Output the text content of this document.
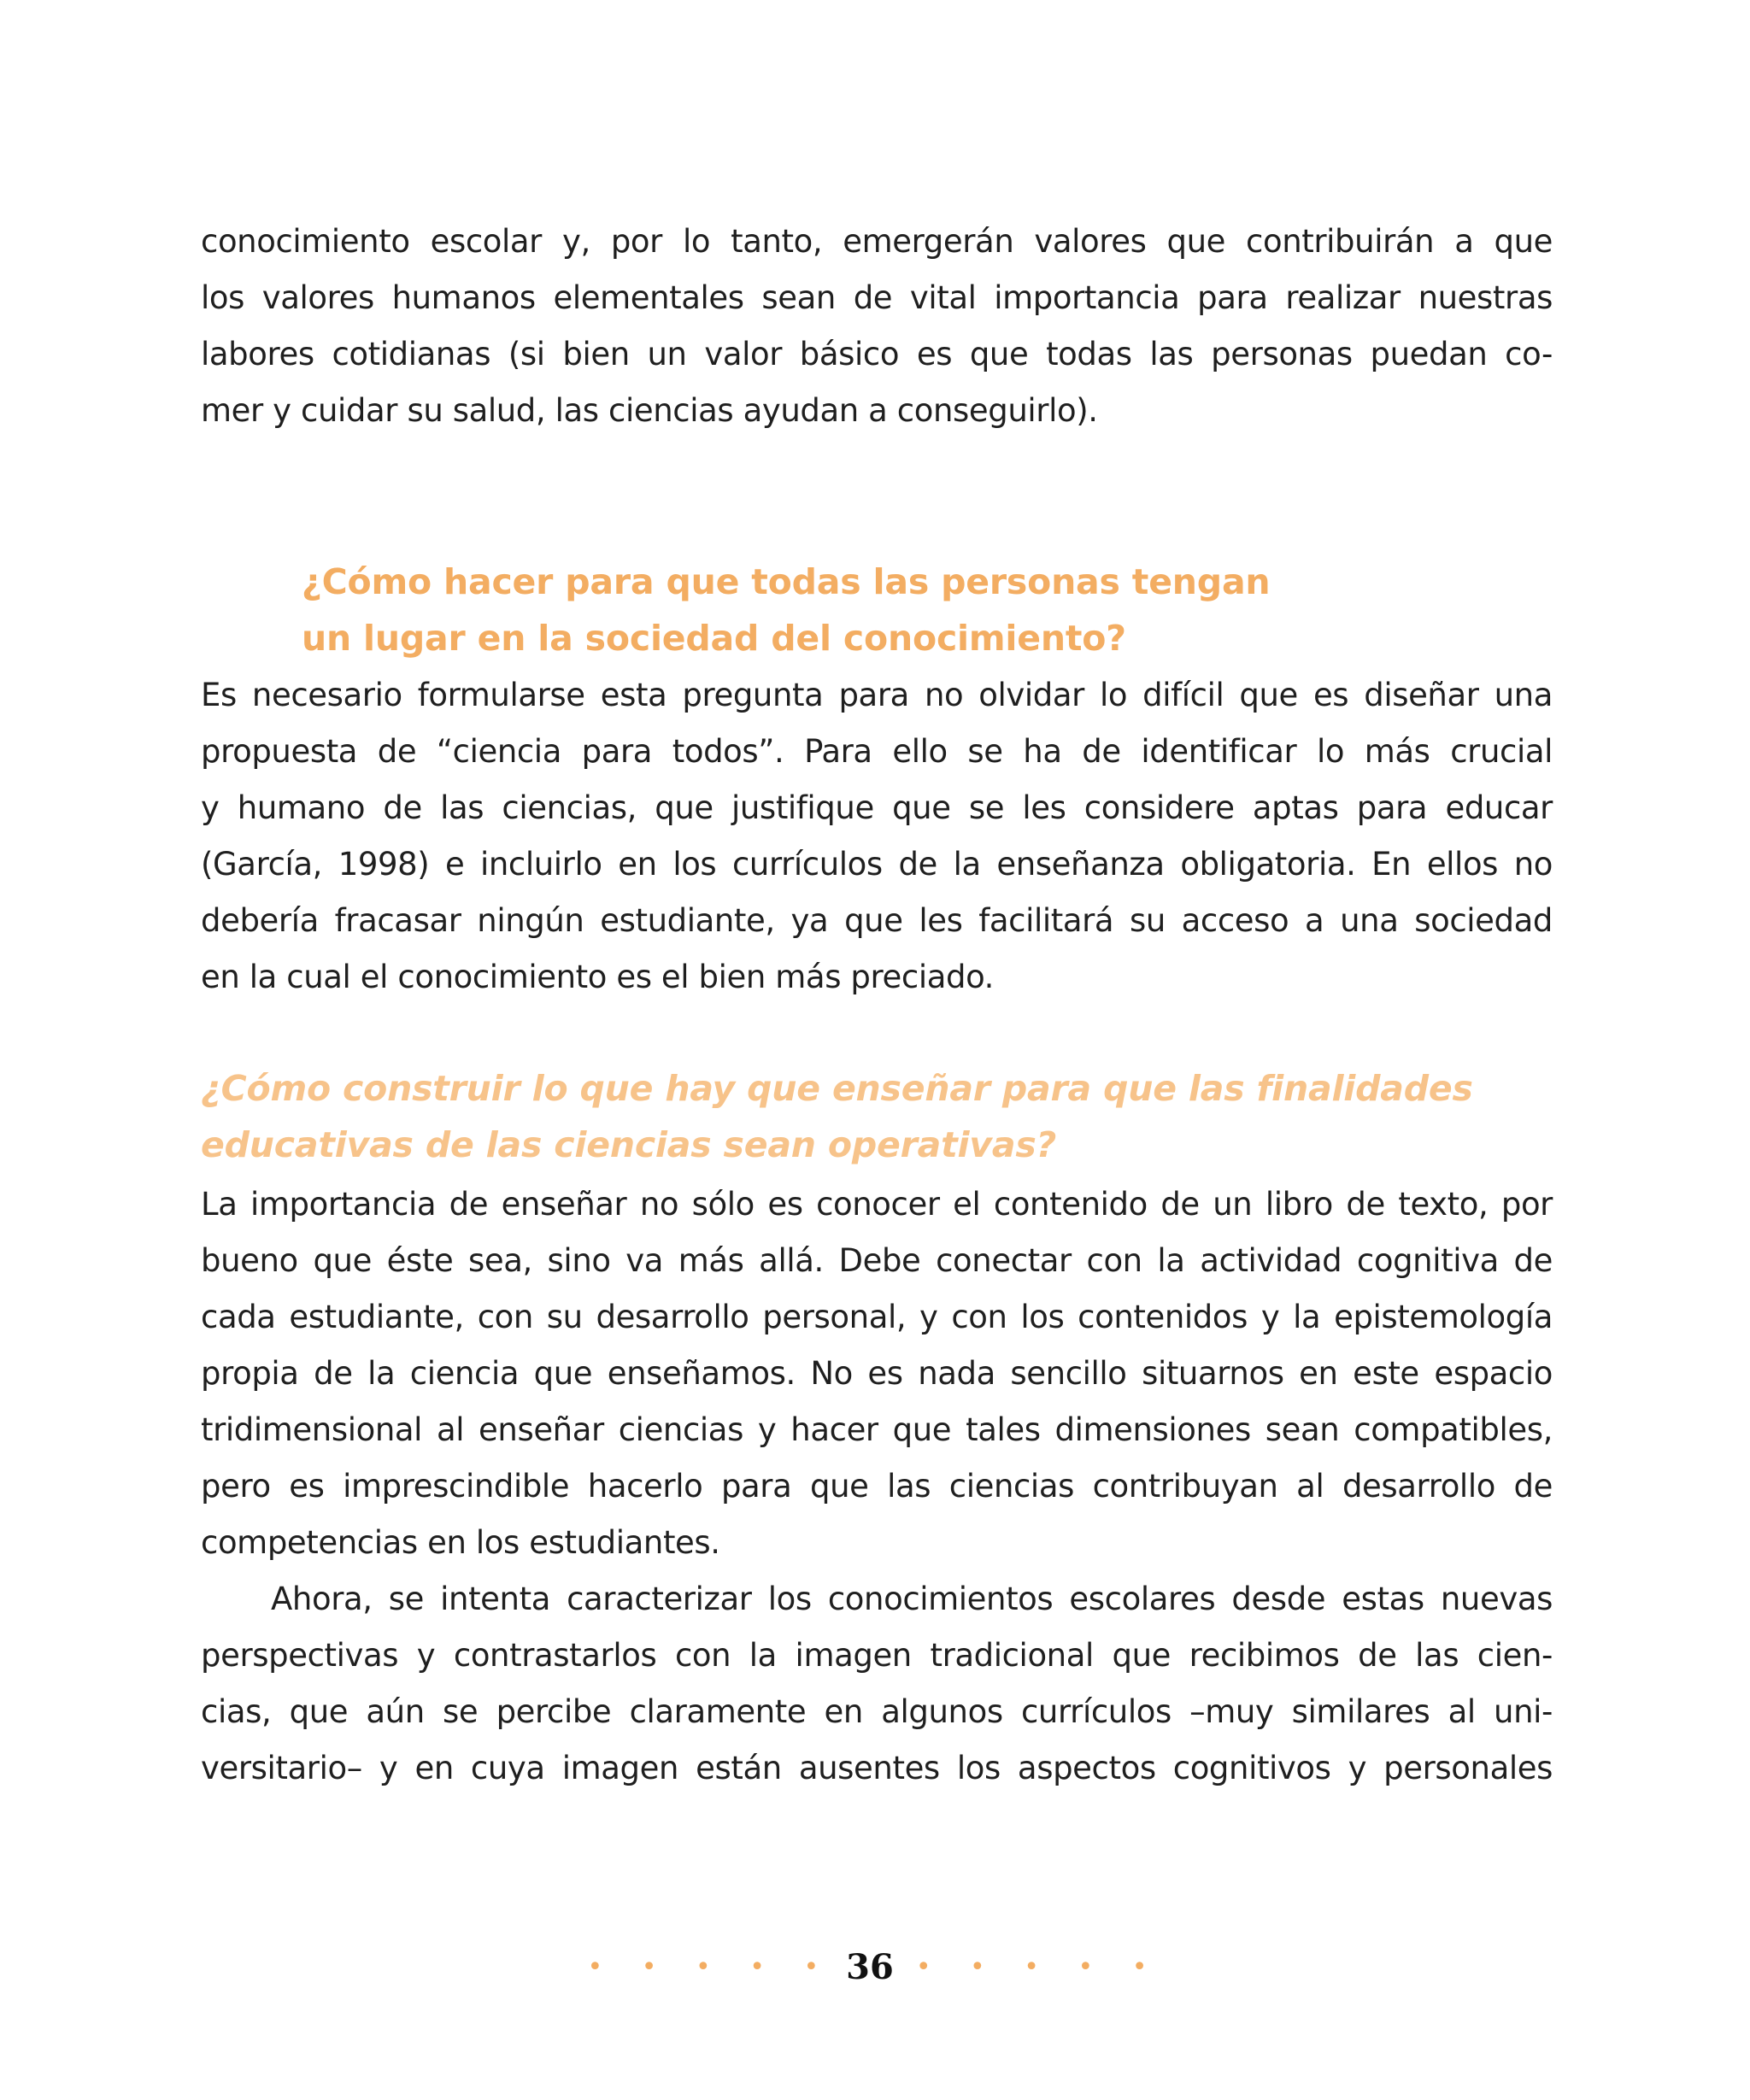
conocimiento escolar y, por lo tanto, emergerán valores que contribuirán a que
los valores humanos elementales sean de vital importancia para realizar nuestras
labores cotidianas (si bien un valor básico es que todas las personas puedan co-
mer y cuidar su salud, las ciencias ayudan a conseguirlo).
¿Cómo hacer para que todas las personas tengan
un lugar en la sociedad del conocimiento?
Es necesario formularse esta pregunta para no olvidar lo difícil que es diseñar una
propuesta de “ciencia para todos”. Para ello se ha de identificar lo más crucial
y humano de las ciencias, que justifique que se les considere aptas para educar
(García, 1998) e incluirlo en los currículos de la enseñanza obligatoria. En ellos no
debería fracasar ningún estudiante, ya que les facilitará su acceso a una sociedad
en la cual el conocimiento es el bien más preciado.
¿Cómo construir lo que hay que enseñar para que las finalidades
educativas de las ciencias sean operativas?
La importancia de enseñar no sólo es conocer el contenido de un libro de texto, por
bueno que éste sea, sino va más allá. Debe conectar con la actividad cognitiva de
cada estudiante, con su desarrollo personal, y con los contenidos y la epistemología
propia de la ciencia que enseñamos. No es nada sencillo situarnos en este espacio
tridimensional al enseñar ciencias y hacer que tales dimensiones sean compatibles,
pero es imprescindible hacerlo para que las ciencias contribuyan al desarrollo de
competencias en los estudiantes.
Ahora, se intenta caracterizar los conocimientos escolares desde estas nuevas
perspectivas y contrastarlos con la imagen tradicional que recibimos de las cien-
cias, que aún se percibe claramente en algunos currículos –muy similares al uni-
versitario– y en cuya imagen están ausentes los aspectos cognitivos y personales
• • • • • 36 • • • • •
